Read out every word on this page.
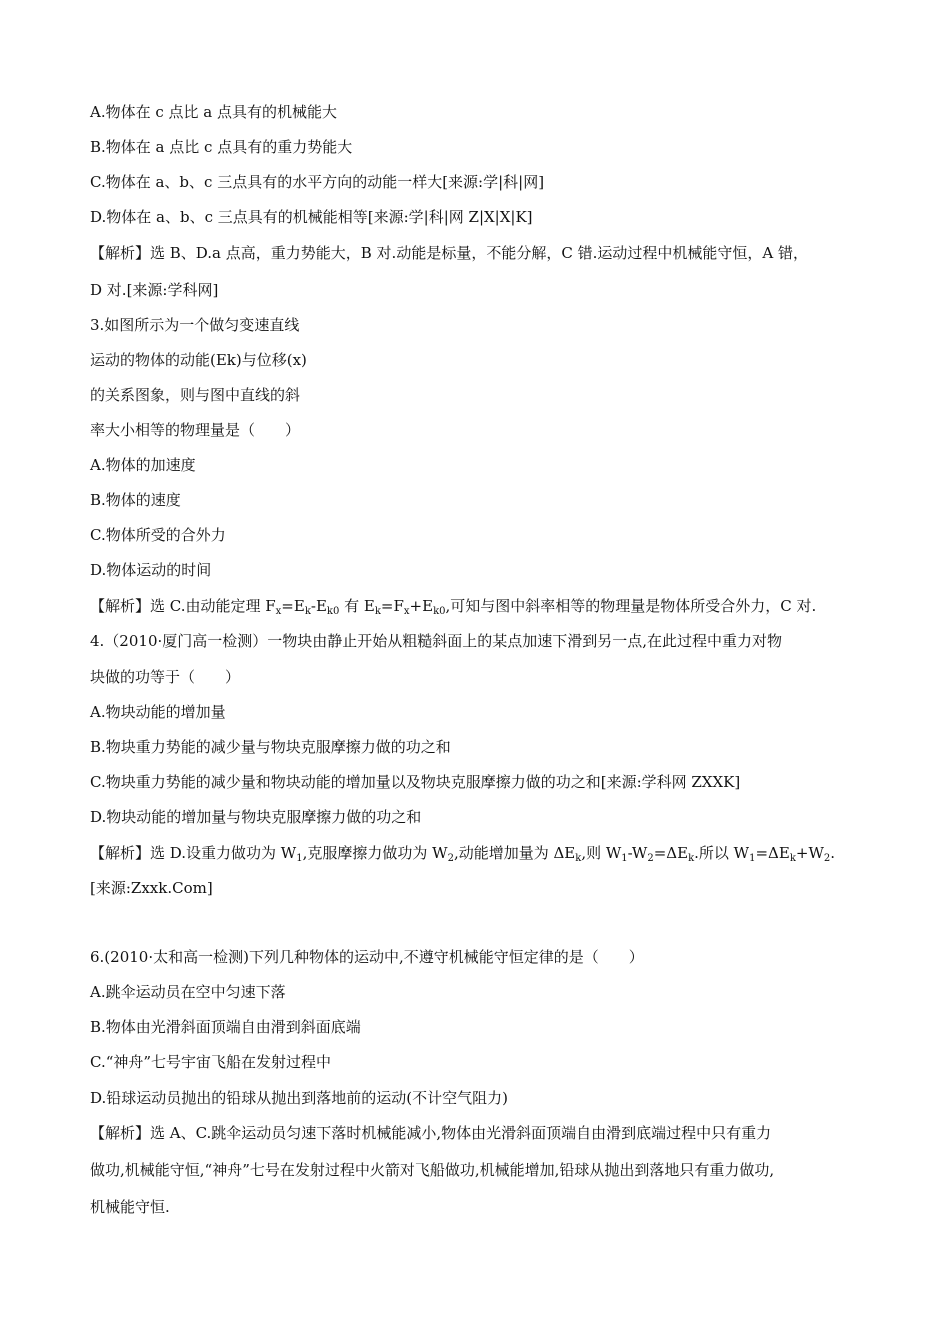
A.物体在 c 点比 a 点具有的机械能大
B.物体在 a 点比 c 点具有的重力势能大
C.物体在 a、b、c 三点具有的水平方向的动能一样大[来源:学|科|网]
D.物体在 a、b、c 三点具有的机械能相等[来源:学|科|网 Z|X|X|K]
【解析】选 B、D.a 点高，重力势能大，B 对.动能是标量，不能分解，C 错.运动过程中机械能守恒，A 错，
D 对.[来源:学科网]
3.如图所示为一个做匀变速直线
运动的物体的动能(Ek)与位移(x)
的关系图象，则与图中直线的斜
率大小相等的物理量是（　　）
A.物体的加速度
B.物体的速度
C.物体所受的合外力
D.物体运动的时间
【解析】选 C.由动能定理 $F_x=E_k-E_{k0}$ 有 $E_k=F_x+E_{k0}$,可知与图中斜率相等的物理量是物体所受合外力，C 对.
4.（2010·厦门高一检测）一物块由静止开始从粗糙斜面上的某点加速下滑到另一点,在此过程中重力对物
块做的功等于（　　）
A.物块动能的增加量
B.物块重力势能的减少量与物块克服摩擦力做的功之和
C.物块重力势能的减少量和物块动能的增加量以及物块克服摩擦力做的功之和[来源:学科网 ZXXK]
D.物块动能的增加量与物块克服摩擦力做的功之和
【解析】选 D.设重力做功为 $W_1$,克服摩擦力做功为 $W_2$,动能增加量为 $\Delta E_k$,则 $W_1-W_2=\Delta E_k$.所以 $W_1=\Delta E_k+W_2$.
[来源:Zxxk.Com]
6.(2010·太和高一检测)下列几种物体的运动中,不遵守机械能守恒定律的是（　　）
A.跳伞运动员在空中匀速下落
B.物体由光滑斜面顶端自由滑到斜面底端
C.“神舟”七号宇宙飞船在发射过程中
D.铅球运动员抛出的铅球从抛出到落地前的运动(不计空气阻力)
【解析】选 A、C.跳伞运动员匀速下落时机械能减小,物体由光滑斜面顶端自由滑到底端过程中只有重力
做功,机械能守恒,“神舟”七号在发射过程中火箭对飞船做功,机械能增加,铅球从抛出到落地只有重力做功,
机械能守恒.
